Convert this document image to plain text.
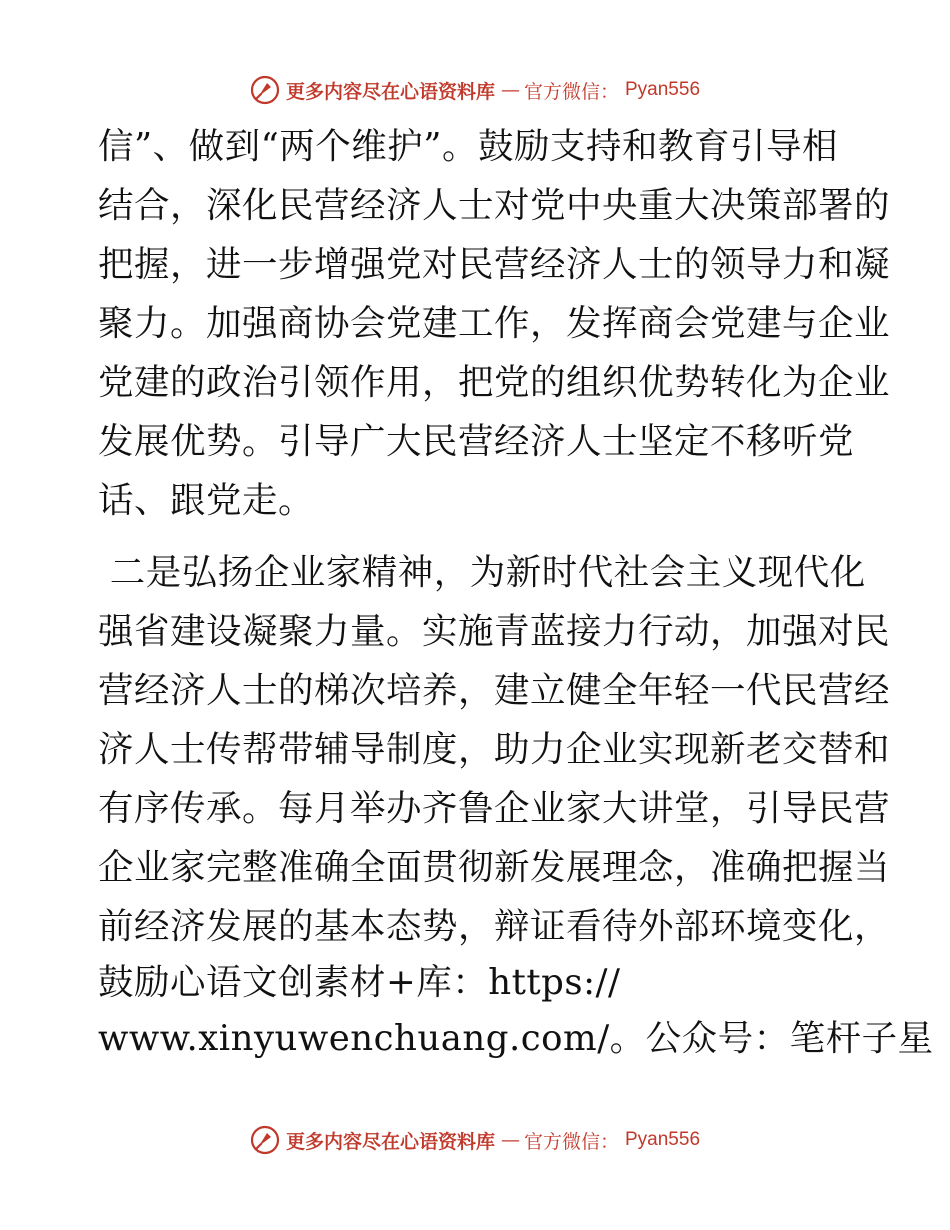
更多内容尽在心语资料库 — 官方微信： Pyan556
信”、做到“两个维护”。鼓励支持和教育引导相
结合，深化民营经济人士对党中央重大决策部署的
把握，进一步增强党对民营经济人士的领导力和凝
聚力。加强商协会党建工作，发挥商会党建与企业
党建的政治引领作用，把党的组织优势转化为企业
发展优势。引导广大民营经济人士坚定不移听党
话、跟党走。
二是弘扬企业家精神，为新时代社会主义现代化
强省建设凝聚力量。实施青蓝接力行动，加强对民
营经济人士的梯次培养，建立健全年轻一代民营经
济人士传帮带辅导制度，助力企业实现新老交替和
有序传承。每月举办齐鲁企业家大讲堂，引导民营
企业家完整准确全面贯彻新发展理念，准确把握当
前经济发展的基本态势，辩证看待外部环境变化，
鼓励心语文创素材+库：https://
www.xinyuwenchuang.com/。公众号：笔杆子星
更多内容尽在心语资料库 — 官方微信： Pyan556
